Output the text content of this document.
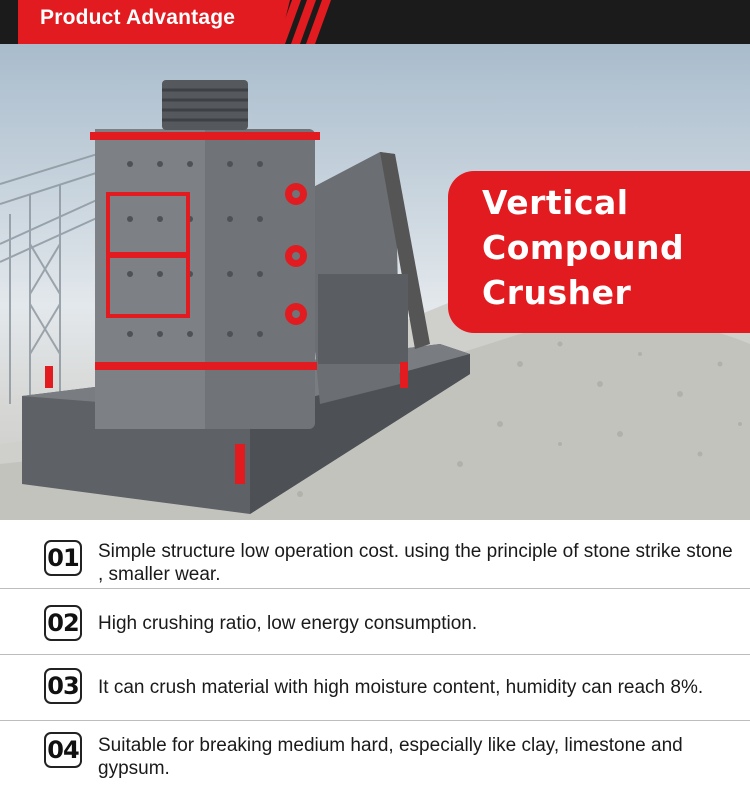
Product Advantage
Vertical
Compound
Crusher
01 Simple structure low operation cost. using the principle of stone strike stone , smaller wear.
02 High crushing ratio, low energy consumption.
03 It can crush material with high moisture content, humidity can reach 8%.
04 Suitable for breaking medium hard, especially like clay, limestone and gypsum.
